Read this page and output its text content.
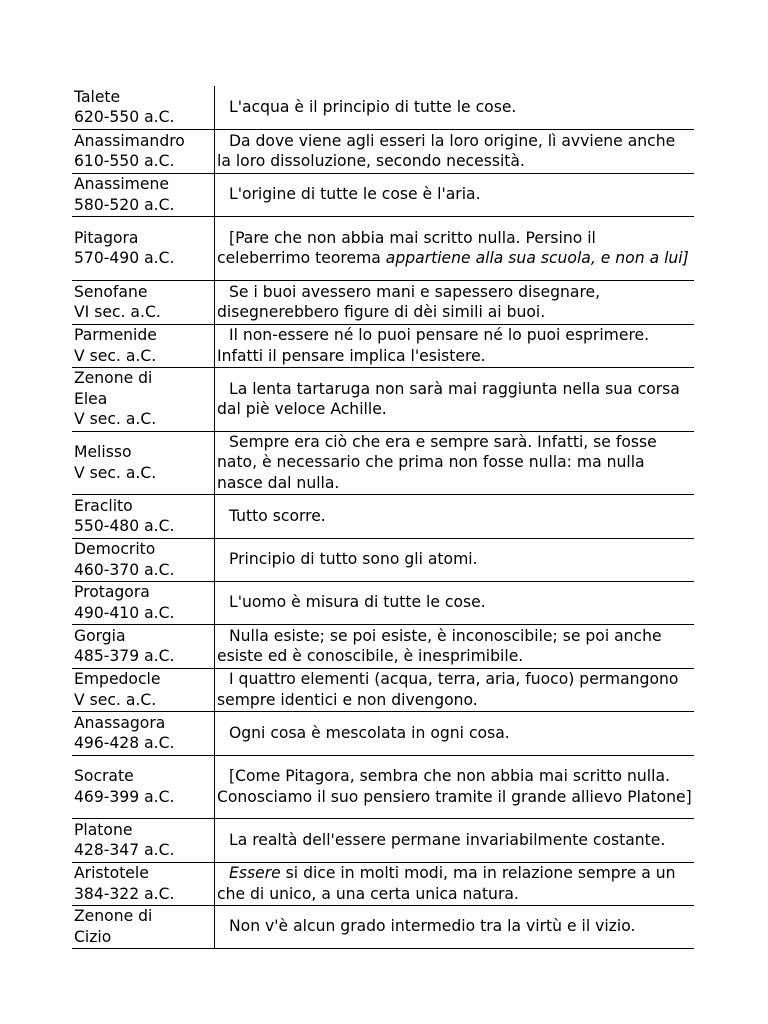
Talete
620-550 a.C.	L'acqua è il principio di tutte le cose.

Anassimandro
610-550 a.C.	Da dove viene agli esseri la loro origine, lì avviene anche la loro dissoluzione, secondo necessità.

Anassimene
580-520 a.C.	L'origine di tutte le cose è l'aria.

Pitagora
570-490 a.C.	[Pare che non abbia mai scritto nulla. Persino il celeberrimo teorema appartiene alla sua scuola, e non a lui]

Senofane
VI sec. a.C.	Se i buoi avessero mani e sapessero disegnare, disegnerebbero figure di dèi simili ai buoi.

Parmenide
V sec. a.C.	Il non-essere né lo puoi pensare né lo puoi esprimere. Infatti il pensare implica l'esistere.

Zenone di Elea
V sec. a.C.	La lenta tartaruga non sarà mai raggiunta nella sua corsa dal piè veloce Achille.

Melisso
V sec. a.C.	Sempre era ciò che era e sempre sarà. Infatti, se fosse nato, è necessario che prima non fosse nulla: ma nulla nasce dal nulla.

Eraclito
550-480 a.C.	Tutto scorre.

Democrito
460-370 a.C.	Principio di tutto sono gli atomi.

Protagora
490-410 a.C.	L'uomo è misura di tutte le cose.

Gorgia
485-379 a.C.	Nulla esiste; se poi esiste, è inconoscibile; se poi anche esiste ed è conoscibile, è inesprimibile.

Empedocle
V sec. a.C.	I quattro elementi (acqua, terra, aria, fuoco) permangono sempre identici e non divengono.

Anassagora
496-428 a.C.	Ogni cosa è mescolata in ogni cosa.

Socrate
469-399 a.C.	[Come Pitagora, sembra che non abbia mai scritto nulla. Conosciamo il suo pensiero tramite il grande allievo Platone]

Platone
428-347 a.C.	La realtà dell'essere permane invariabilmente costante.

Aristotele
384-322 a.C.	Essere si dice in molti modi, ma in relazione sempre a un che di unico, a una certa unica natura.

Zenone di Cizio	Non v'è alcun grado intermedio tra la virtù e il vizio.
